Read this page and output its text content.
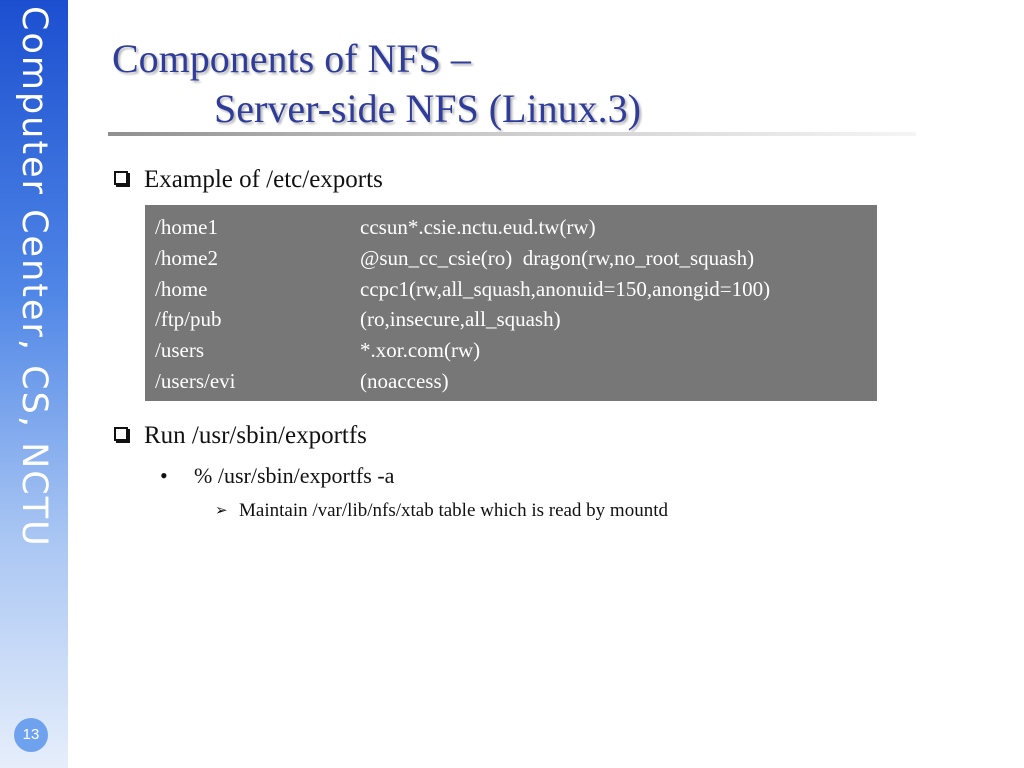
Computer Center, CS, NCTU
13
Components of NFS –
Server-side NFS (Linux.3)
Example of /etc/exports
/home1	ccsun*.csie.nctu.eud.tw(rw)
/home2	@sun_cc_csie(ro)  dragon(rw,no_root_squash)
/home	ccpc1(rw,all_squash,anonuid=150,anongid=100)
/ftp/pub	(ro,insecure,all_squash)
/users	*.xor.com(rw)
/users/evi	(noaccess)
Run /usr/sbin/exportfs
• % /usr/sbin/exportfs -a
➢ Maintain /var/lib/nfs/xtab table which is read by mountd
